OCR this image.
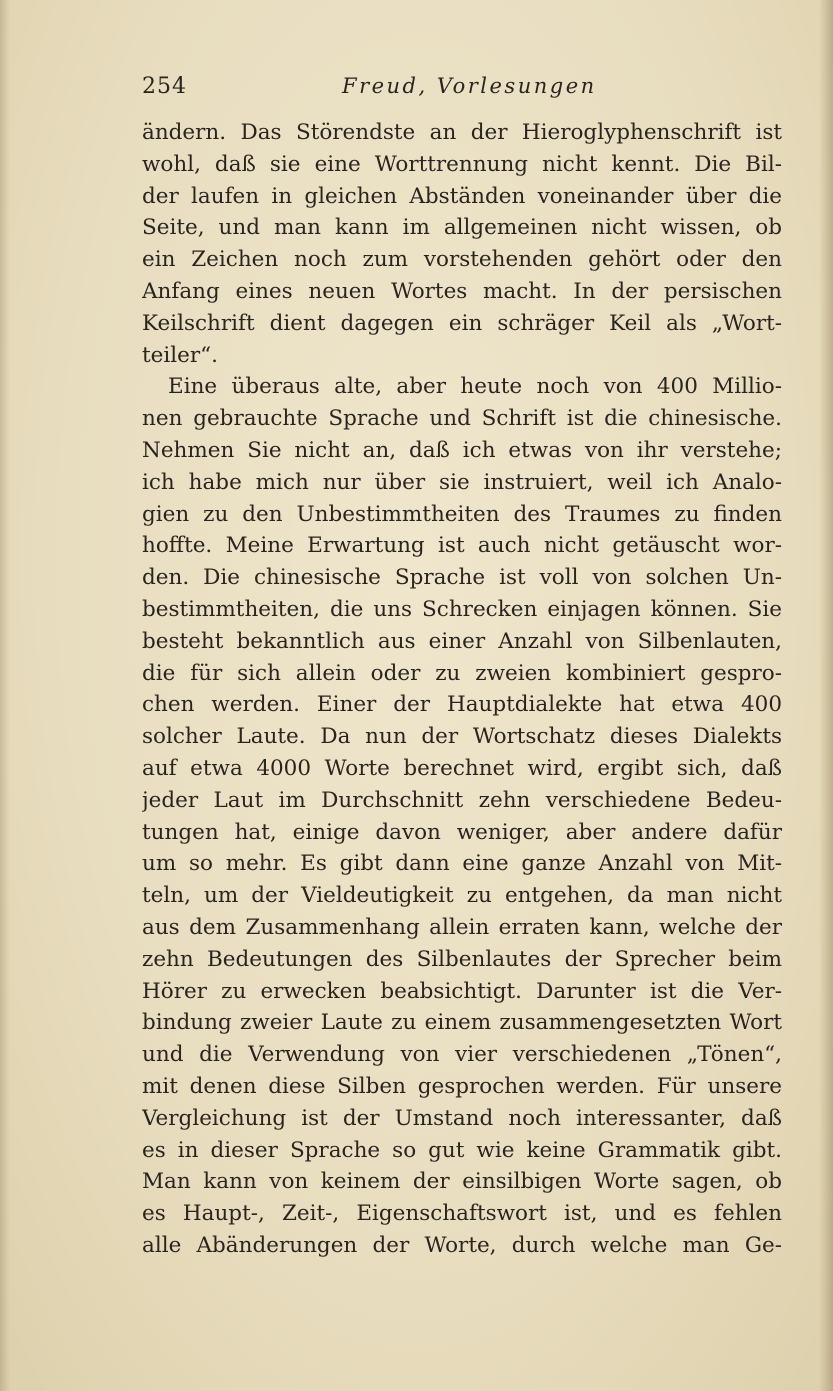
254	Freud, Vorlesungen
ändern. Das Störendste an der Hieroglyphenschrift ist
wohl, daß sie eine Worttrennung nicht kennt. Die Bil-
der laufen in gleichen Abständen voneinander über die
Seite, und man kann im allgemeinen nicht wissen, ob
ein Zeichen noch zum vorstehenden gehört oder den
Anfang eines neuen Wortes macht. In der persischen
Keilschrift dient dagegen ein schräger Keil als „Wort-
teiler“.
Eine überaus alte, aber heute noch von 400 Millio-
nen gebrauchte Sprache und Schrift ist die chinesische.
Nehmen Sie nicht an, daß ich etwas von ihr verstehe;
ich habe mich nur über sie instruiert, weil ich Analo-
gien zu den Unbestimmtheiten des Traumes zu finden
hoffte. Meine Erwartung ist auch nicht getäuscht wor-
den. Die chinesische Sprache ist voll von solchen Un-
bestimmtheiten, die uns Schrecken einjagen können. Sie
besteht bekanntlich aus einer Anzahl von Silbenlauten,
die für sich allein oder zu zweien kombiniert gespro-
chen werden. Einer der Hauptdialekte hat etwa 400
solcher Laute. Da nun der Wortschatz dieses Dialekts
auf etwa 4000 Worte berechnet wird, ergibt sich, daß
jeder Laut im Durchschnitt zehn verschiedene Bedeu-
tungen hat, einige davon weniger, aber andere dafür
um so mehr. Es gibt dann eine ganze Anzahl von Mit-
teln, um der Vieldeutigkeit zu entgehen, da man nicht
aus dem Zusammenhang allein erraten kann, welche der
zehn Bedeutungen des Silbenlautes der Sprecher beim
Hörer zu erwecken beabsichtigt. Darunter ist die Ver-
bindung zweier Laute zu einem zusammengesetzten Wort
und die Verwendung von vier verschiedenen „Tönen“,
mit denen diese Silben gesprochen werden. Für unsere
Vergleichung ist der Umstand noch interessanter, daß
es in dieser Sprache so gut wie keine Grammatik gibt.
Man kann von keinem der einsilbigen Worte sagen, ob
es Haupt-, Zeit-, Eigenschaftswort ist, und es fehlen
alle Abänderungen der Worte, durch welche man Ge-
